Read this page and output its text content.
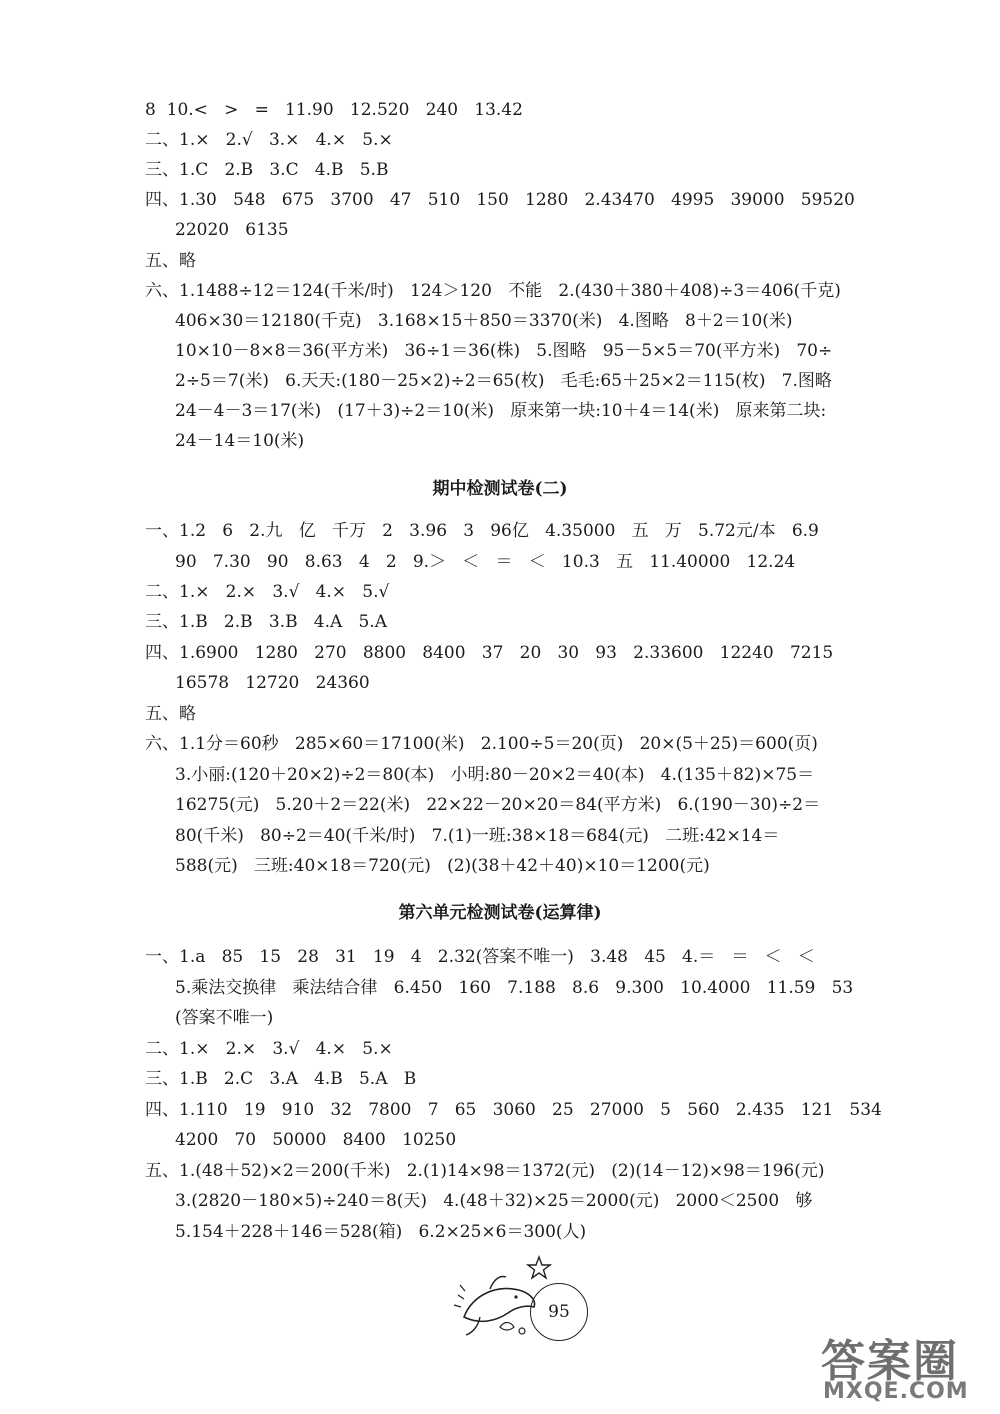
8  10.<   >   =   11.90   12.520   240   13.42
二、1.×   2.√   3.×   4.×   5.×
三、1.C   2.B   3.C   4.B   5.B
四、1.30   548   675   3700   47   510   150   1280   2.43470   4995   39000   59520
22020   6135
五、略
六、1.1488÷12＝124(千米/时)   124＞120   不能   2.(430＋380＋408)÷3＝406(千克)
406×30＝12180(千克)   3.168×15＋850＝3370(米)   4.图略   8＋2＝10(米)
10×10－8×8＝36(平方米)   36÷1＝36(株)   5.图略   95－5×5＝70(平方米)   70÷
2÷5＝7(米)   6.天天:(180－25×2)÷2＝65(枚)   毛毛:65＋25×2＝115(枚)   7.图略
24－4－3＝17(米)   (17＋3)÷2＝10(米)   原来第一块:10＋4＝14(米)   原来第二块:
24－14＝10(米)
期中检测试卷(二)
一、1.2   6   2.九   亿   千万   2   3.96   3   96亿   4.35000   五   万   5.72元/本   6.9
90   7.30   90   8.63   4   2   9.＞   ＜   ＝   ＜   10.3   五   11.40000   12.24
二、1.×   2.×   3.√   4.×   5.√
三、1.B   2.B   3.B   4.A   5.A
四、1.6900   1280   270   8800   8400   37   20   30   93   2.33600   12240   7215
16578   12720   24360
五、略
六、1.1分＝60秒   285×60＝17100(米)   2.100÷5＝20(页)   20×(5＋25)＝600(页)
3.小丽:(120＋20×2)÷2＝80(本)   小明:80－20×2＝40(本)   4.(135＋82)×75＝
16275(元)   5.20＋2＝22(米)   22×22－20×20＝84(平方米)   6.(190－30)÷2＝
80(千米)   80÷2＝40(千米/时)   7.(1)一班:38×18＝684(元)   二班:42×14＝
588(元)   三班:40×18＝720(元)   (2)(38＋42＋40)×10＝1200(元)
第六单元检测试卷(运算律)
一、1.a   85   15   28   31   19   4   2.32(答案不唯一)   3.48   45   4.＝   ＝   ＜   ＜
5.乘法交换律   乘法结合律   6.450   160   7.188   8.6   9.300   10.4000   11.59   53
(答案不唯一)
二、1.×   2.×   3.√   4.×   5.×
三、1.B   2.C   3.A   4.B   5.A   B
四、1.110   19   910   32   7800   7   65   3060   25   27000   5   560   2.435   121   534
4200   70   50000   8400   10250
五、1.(48＋52)×2＝200(千米)   2.(1)14×98＝1372(元)   (2)(14－12)×98＝196(元)
3.(2820－180×5)÷240＝8(天)   4.(48＋32)×25＝2000(元)   2000＜2500   够
5.154＋228＋146＝528(箱)   6.2×25×6＝300(人)
95
答案圈
MXQE.COM
